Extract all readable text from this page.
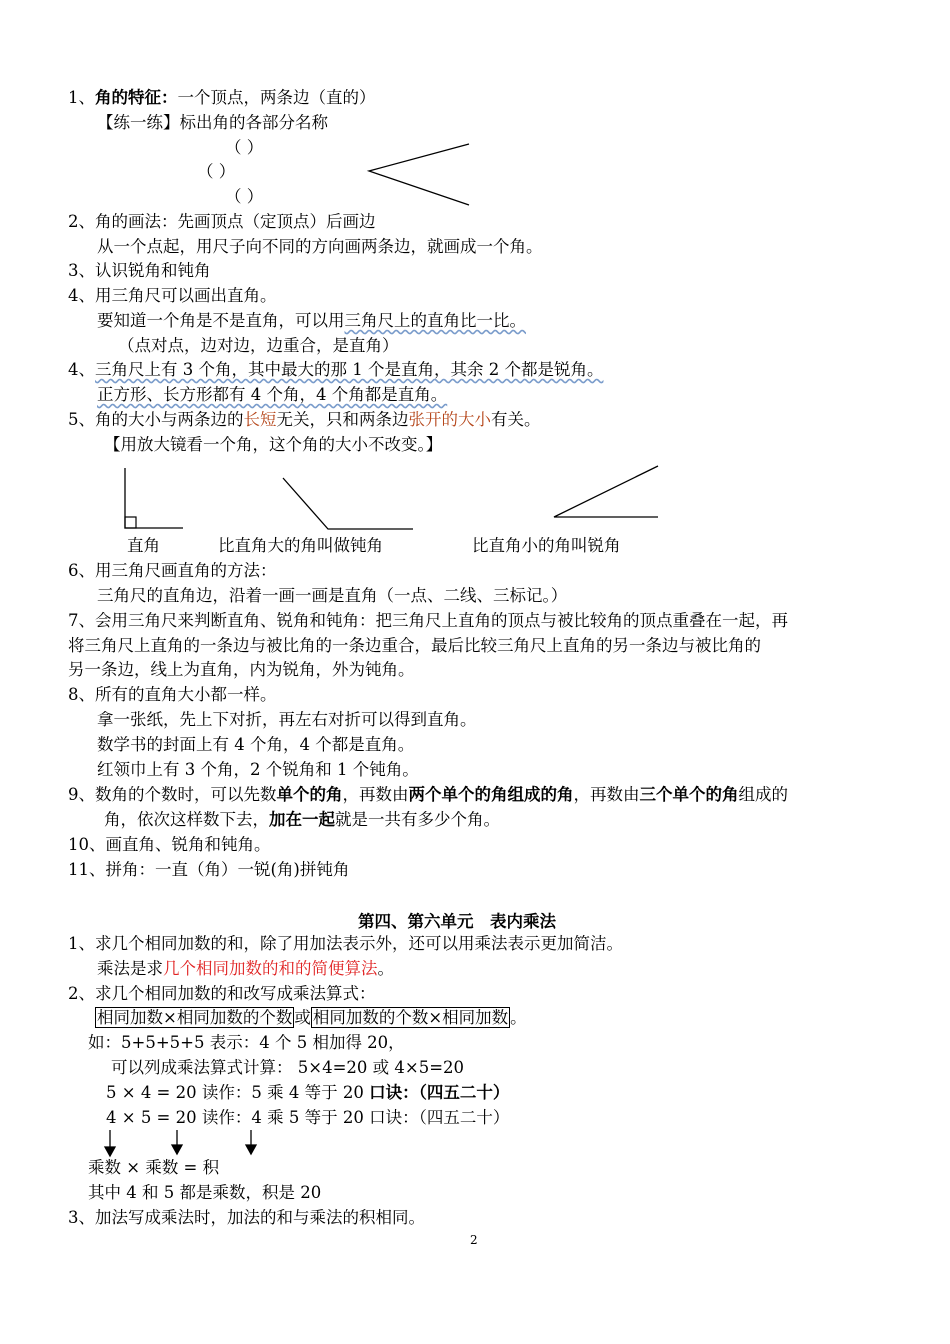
1、角的特征：一个顶点，两条边（直的）
【练一练】标出角的各部分名称
（ ）
（ ）
（ ）
2、角的画法：先画顶点（定顶点）后画边
从一个点起，用尺子向不同的方向画两条边，就画成一个角。
3、认识锐角和钝角
4、用三角尺可以画出直角。
要知道一个角是不是直角，可以用三角尺上的直角比一比。
（点对点，边对边，边重合，是直角）
4、三角尺上有 3 个角，其中最大的那 1 个是直角，其余 2 个都是锐角。
正方形、长方形都有 4 个角，4 个角都是直角。
5、角的大小与两条边的长短无关，只和两条边张开的大小有关。
【用放大镜看一个角，这个角的大小不改变。】
直角	比直角大的角叫做钝角	比直角小的角叫锐角
6、用三角尺画直角的方法：
三角尺的直角边，沿着一画一画是直角（一点、二线、三标记。）
7、会用三角尺来判断直角、锐角和钝角：把三角尺上直角的顶点与被比较角的顶点重叠在一起，再
将三角尺上直角的一条边与被比角的一条边重合，最后比较三角尺上直角的另一条边与被比角的
另一条边，线上为直角，内为锐角，外为钝角。
8、所有的直角大小都一样。
拿一张纸，先上下对折，再左右对折可以得到直角。
数学书的封面上有 4 个角，4 个都是直角。
红领巾上有 3 个角，2 个锐角和 1 个钝角。
9、数角的个数时，可以先数单个的角，再数由两个单个的角组成的角，再数由三个单个的角组成的
角，依次这样数下去，加在一起就是一共有多少个角。
10、画直角、锐角和钝角。
11、拼角：一直（角）一锐(角)拼钝角
第四、第六单元　表内乘法
1、求几个相同加数的和，除了用加法表示外，还可以用乘法表示更加简洁。
乘法是求几个相同加数的和的简便算法。
2、求几个相同加数的和改写成乘法算式：
相同加数×相同加数的个数 或 相同加数的个数×相同加数 。
如：5+5+5+5 表示：4 个 5 相加得 20，
可以列成乘法算式计算： 5×4=20 或 4×5=20
5 × 4 = 20 读作：5 乘 4 等于 20 口诀：（四五二十）
4 × 5 = 20 读作：4 乘 5 等于 20 口诀：（四五二十）
乘数 × 乘数 = 积
其中 4 和 5 都是乘数，积是 20
3、加法写成乘法时，加法的和与乘法的积相同。
2
